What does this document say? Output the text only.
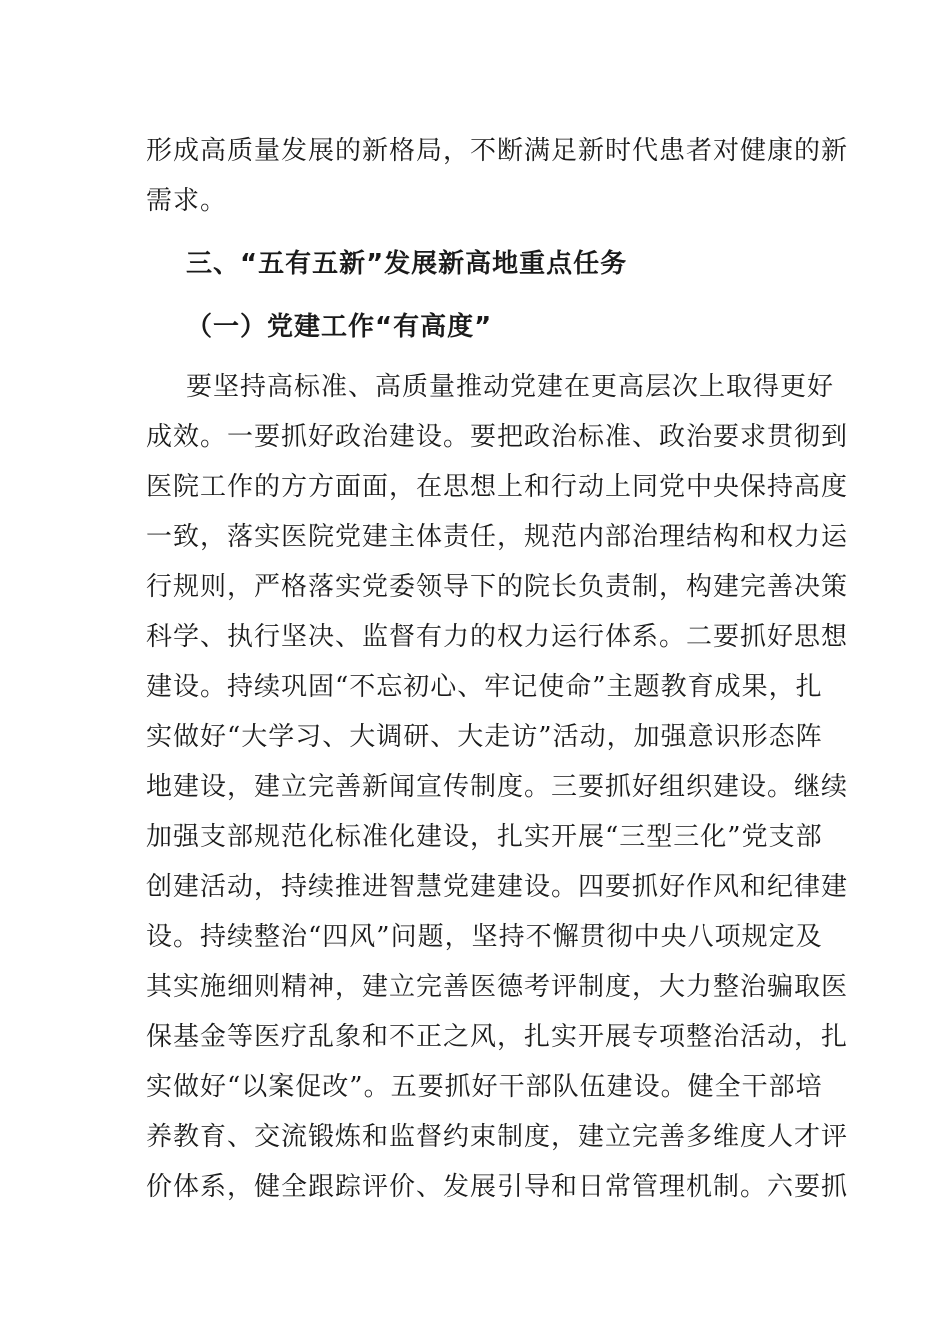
形成高质量发展的新格局，不断满足新时代患者对健康的新
需求。
三、“五有五新”发展新高地重点任务
（一）党建工作“有高度”
要坚持高标准、高质量推动党建在更高层次上取得更好
成效。一要抓好政治建设。要把政治标准、政治要求贯彻到
医院工作的方方面面，在思想上和行动上同党中央保持高度
一致，落实医院党建主体责任，规范内部治理结构和权力运
行规则，严格落实党委领导下的院长负责制，构建完善决策
科学、执行坚决、监督有力的权力运行体系。二要抓好思想
建设。持续巩固“不忘初心、牢记使命”主题教育成果，扎
实做好“大学习、大调研、大走访”活动，加强意识形态阵
地建设，建立完善新闻宣传制度。三要抓好组织建设。继续
加强支部规范化标准化建设，扎实开展“三型三化”党支部
创建活动，持续推进智慧党建建设。四要抓好作风和纪律建
设。持续整治“四风”问题，坚持不懈贯彻中央八项规定及
其实施细则精神，建立完善医德考评制度，大力整治骗取医
保基金等医疗乱象和不正之风，扎实开展专项整治活动，扎
实做好“以案促改”。五要抓好干部队伍建设。健全干部培
养教育、交流锻炼和监督约束制度，建立完善多维度人才评
价体系，健全跟踪评价、发展引导和日常管理机制。六要抓
